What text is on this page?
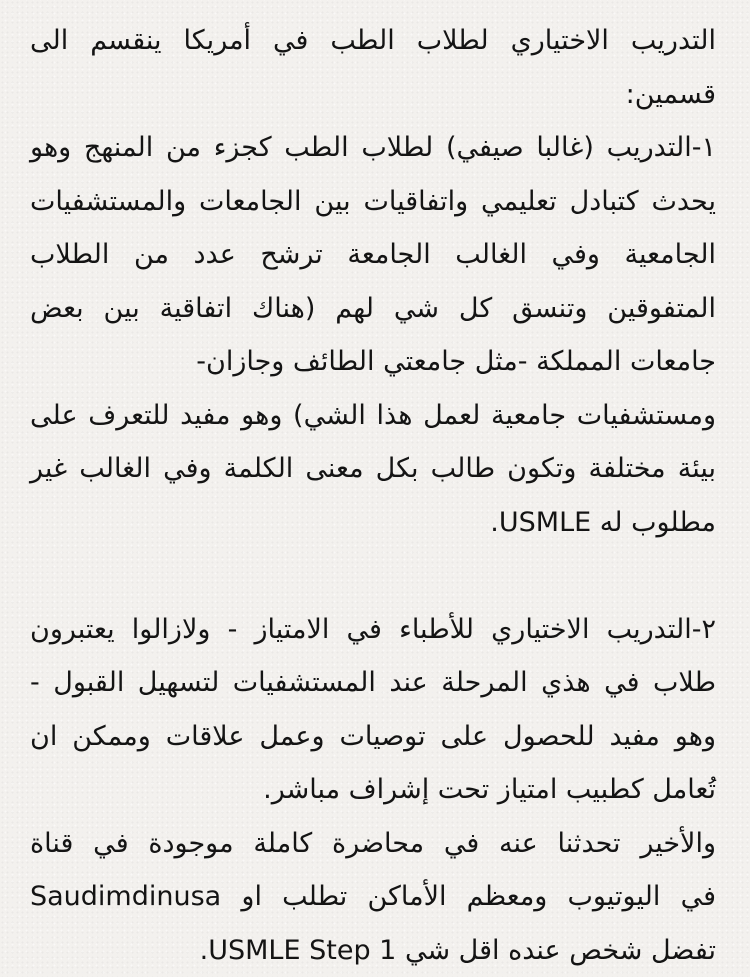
التدريب الاختياري لطلاب الطب في أمريكا ينقسم الى
قسمين:
١-التدريب (غالبا صيفي) لطلاب الطب كجزء من المنهج وهو
يحدث كتبادل تعليمي واتفاقيات بين الجامعات والمستشفيات
الجامعية وفي الغالب الجامعة ترشح عدد من الطلاب
المتفوقين وتنسق كل شي لهم (هناك اتفاقية بين بعض
جامعات المملكة -مثل جامعتي الطائف وجازان-
ومستشفيات جامعية لعمل هذا الشي) وهو مفيد للتعرف على
بيئة مختلفة وتكون طالب بكل معنى الكلمة وفي الغالب غير
مطلوب له USMLE.
٢-التدريب الاختياري للأطباء في الامتياز - ولازالوا يعتبرون
طلاب في هذي المرحلة عند المستشفيات لتسهيل القبول -
وهو مفيد للحصول على توصيات وعمل علاقات وممكن ان
تُعامل كطبيب امتياز تحت إشراف مباشر.
والأخير تحدثنا عنه في محاضرة كاملة موجودة في قناة
Saudimdinusa في اليوتيوب ومعظم الأماكن تطلب او
تفضل شخص عنده اقل شي USMLE Step 1.
